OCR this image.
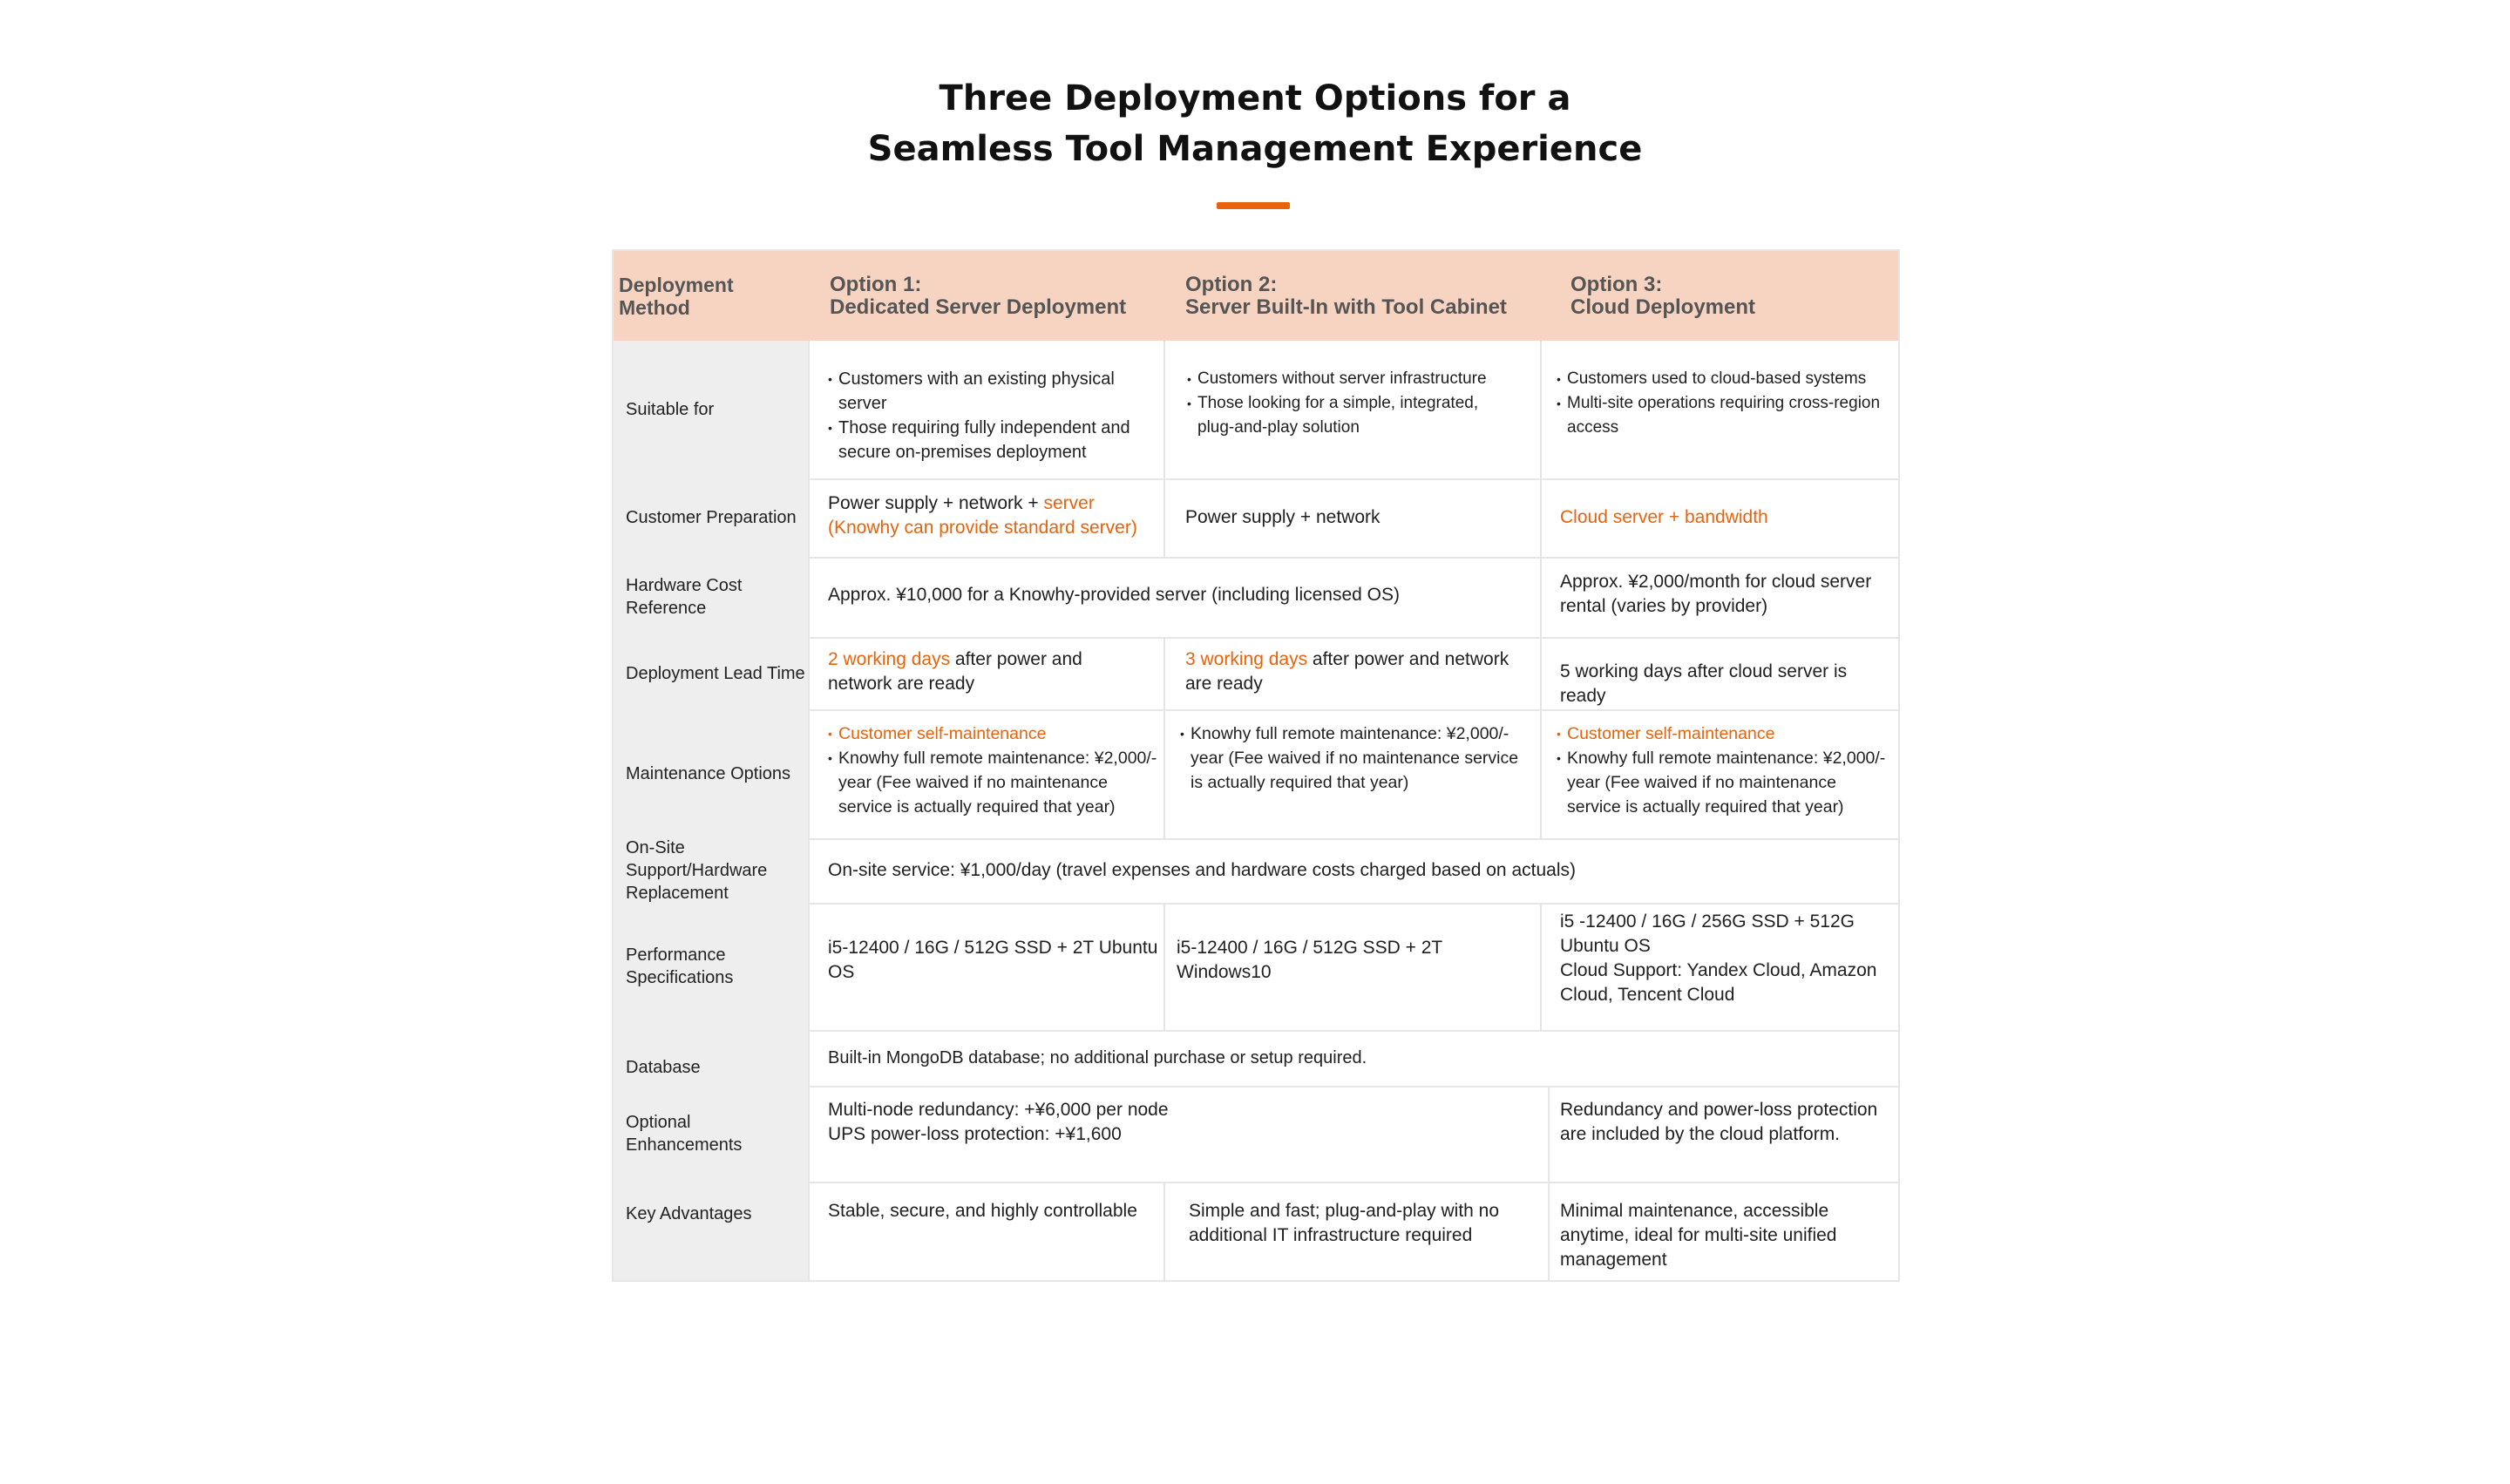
Three Deployment Options for a
Seamless Tool Management Experience
Deployment Method
Option 1:
Dedicated Server Deployment
Option 2:
Server Built-In with Tool Cabinet
Option 3:
Cloud Deployment
Suitable for
Customer Preparation
Hardware Cost Reference
Deployment Lead Time
Maintenance Options
On-Site Support/Hardware Replacement
Performance Specifications
Database
Optional Enhancements
Key Advantages
• Customers with an existing physical server
• Those requiring fully independent and secure on-premises deployment
• Customers without server infrastructure
• Those looking for a simple, integrated, plug-and-play solution
• Customers used to cloud-based systems
• Multi-site operations requiring cross-region access
Power supply + network + server (Knowhy can provide standard server)
Power supply + network	Cloud server + bandwidth
Approx. ¥10,000 for a Knowhy-provided server (including licensed OS)
Approx. ¥2,000/month for cloud server rental (varies by provider)
2 working days after power and network are ready
3 working days after power and network are ready
5 working days after cloud server is ready
• Customer self-maintenance
• Knowhy full remote maintenance: ¥2,000/-year (Fee waived if no maintenance service is actually required that year)
• Knowhy full remote maintenance: ¥2,000/-year (Fee waived if no maintenance service is actually required that year)
• Customer self-maintenance
• Knowhy full remote maintenance: ¥2,000/-year (Fee waived if no maintenance service is actually required that year)
On-site service: ¥1,000/day (travel expenses and hardware costs charged based on actuals)
i5-12400 / 16G / 512G SSD + 2T Ubuntu OS
i5-12400 / 16G / 512G SSD + 2T Windows10
i5 -12400 / 16G / 256G SSD + 512G Ubuntu OS
Cloud Support: Yandex Cloud, Amazon Cloud, Tencent Cloud
Built-in MongoDB database; no additional purchase or setup required.
Multi-node redundancy: +¥6,000 per node
UPS power-loss protection: +¥1,600
Redundancy and power-loss protection are included by the cloud platform.
Stable, secure, and highly controllable	Simple and fast; plug-and-play with no additional IT infrastructure required
Minimal maintenance, accessible anytime, ideal for multi-site unified management
